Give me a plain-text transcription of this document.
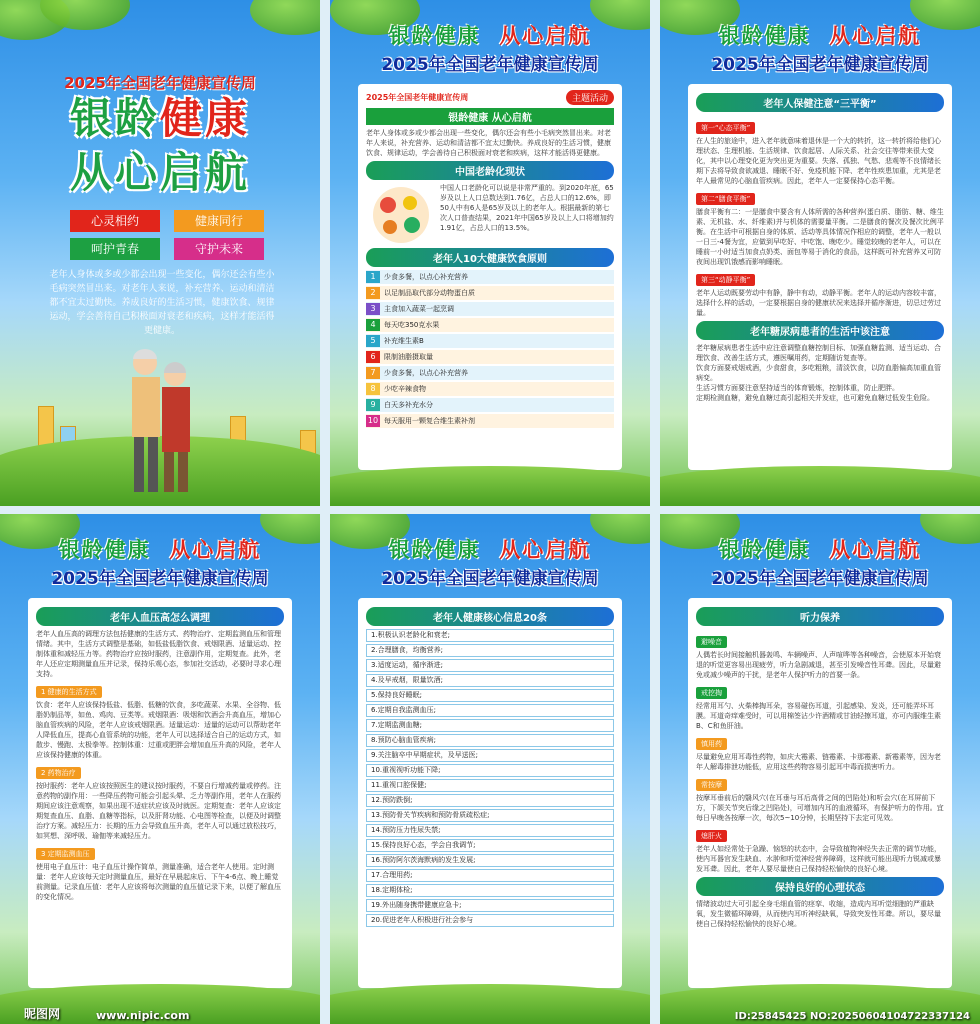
2025年全国老年健康宣传周
银龄健康
从心启航
心灵相约	健康同行
呵护青春	守护未来
老年人身体或多或少都会出现一些变化，偶尔还会有些小毛病突然冒出来。对老年人来说，补充营养、运动和清洁都不宜太过勤快。养成良好的生活习惯，健康饮食、规律运动，学会善待自己积极面对衰老和疾病，这样才能活得更健康。
银龄健康 从心启航
2025年全国老年健康宣传周
2025年全国老年健康宣传周	主题活动
银龄健康 从心启航
老年人身体或多或少都会出现一些变化，偶尔还会有些小毛病突然冒出来。对老年人来说，补充营养、运动和清洁都不宜太过勤快。养成良好的生活习惯，健康饮食、规律运动，学会善待自己积极面对衰老和疾病，这样才能活得更健康。
中国老龄化现状
中国人口老龄化可以说是非常严重的。到2020年底，65岁及以上人口总数达到1.76亿，占总人口的12.6%，即50人中有6人是65岁及以上的老年人。根据最新的第七次人口普查结果，2021年中国65岁及以上人口将增加约1.91亿，占总人口的13.5%。
老年人10大健康饮食原则
1	少食多餐，以点心补充营养
2	以足制品取代部分动物蛋白质
3	主食加入蔬菜一起烹调
4	每天吃350克水果
5	补充维生素B
6	限制油脂摄取量
7	少食多餐，以点心补充营养
8	少吃辛辣食物
9	白天多补充水分
10 每天服用一颗复合维生素补剂
银龄健康 从心启航
2025年全国老年健康宣传周
老年人保健注意“三平衡”
第一“心态平衡”
在人生的旅途中，进入老年就意味着退休是一个大的转折，这一转折将给他们心理状态、生理机能、生活规律、饮食起居、人际关系、社会交往等带来很大变化，其中以心理变化更为突出更为重要。失落、孤独、气愁、悲观等不良情绪长期下去将导致食欲减退、睡眠不好、免疫机能下降、老年性疾患加重，尤其是老年人最常见的心脑血管疾病。因此，老年人一定要保持心态平衡。
第二“膳食平衡”
膳食平衡有二：一是膳食中要含有人体所需的各种营养(蛋白质、脂肪、糖、维生素、无机盐、水、纤维素)并与机体的需要量平衡。二是膳食的餐次及餐次比例平衡。在生活中可根据自身的体质、活动等具体情况作相应的调整，老年人一般以一日三-4餐为宜，应做到早吃好、中吃饱、晚吃少。睡觉较晚的老年人，可以在睡前一小时适当加食点奶类、面包等易于消化的食品，这样既可补充营养又可防夜间出现饥饿感而影响睡眠。
第三“动静平衡”
老年人运动既要劳动中有静，静中有动，动静平衡。老年人的运动内容较丰富，选择什么样的活动，一定要根据自身的健康状况来选择并循序渐进，切忌过劳过量。
老年糖尿病患者的生活中该注意
老年糖尿病患者生活中应注意调整血糖控制目标、加强血糖监测、适当运动、合理饮食、改善生活方式，遵医嘱用药，定期随访复查等。
饮食方面要戒烟戒酒，少食甜食，多吃粗粮，清淡饮食，以防血脂偏高加重血管病变。
生活习惯方面要注意坚持适当的体育锻炼，控制体重，防止肥胖。
定期检测血糖，避免血糖过高引起相关并发症，也可避免血糖过低发生危险。
银龄健康 从心启航
2025年全国老年健康宣传周
老年人血压高怎么调理
老年人血压高的调理方法包括健康的生活方式、药物治疗、定期监测血压和管理情绪。其中，生活方式调整是基础，如低盐低脂饮食、戒烟限酒、适量运动、控制体重和减轻压力等。药物治疗应按时服药，注意副作用，定期复查。此外，老年人还应定期测量血压并记录，保持乐观心态，参加社交活动，必要时寻求心理支持。
1 健康的生活方式
饮食：老年人应该保持低盐、低脂、低糖的饮食，多吃蔬菜、水果、全谷物、低脂奶制品等，如鱼、鸡肉、豆类等。戒烟限酒：吸烟和饮酒会升高血压，增加心脑血管疾病的风险，老年人应该戒烟限酒。适量运动：适量的运动可以帮助老年人降低血压，提高心血管系统的功能，老年人可以选择适合自己的运动方式，如散步、慢跑、太极拳等。控制体重：过重或肥胖会增加血压升高的风险，老年人应该保持健康的体重。
2 药物治疗
按时服药：老年人应该按照医生的建议按时服药，不要自行增减药量或停药。注意药物的副作用：一些降压药物可能会引起头晕、乏力等副作用，老年人在服药期间应该注意观察，如果出现不适症状应该及时就医。定期复查：老年人应该定期复查血压、血脂、血糖等指标，以及肝肾功能、心电图等检查，以便及时调整治疗方案。减轻压力：长期的压力会导致血压升高，老年人可以通过放松技巧，如冥想、深呼吸、瑜伽等来减轻压力。
3 定期监测血压
使用电子血压计：电子血压计操作简单，测量准确，适合老年人使用。定时测量：老年人应该每天定时测量血压，最好在早晨起床后、下午4-6点、晚上睡觉前测量。记录血压值：老年人应该将每次测量的血压值记录下来，以便了解血压的变化情况。
昵图网	www.nipic.com
银龄健康 从心启航
2025年全国老年健康宣传周
老年人健康核心信息20条
1.积极认识老龄化和衰老;
2.合理膳食，均衡营养;
3.适度运动，循序渐进;
4.及早戒烟，限量饮酒;
5.保持良好睡眠;
6.定期自我监测血压;
7.定期监测血糖;
8.预防心脑血管疾病;
9.关注脑卒中早期症状，及早送医;
10.重视视听功能下降;
11.重视口腔保健;
12.预防跌倒;
13.预防骨关节疾病和预防骨质疏松症;
14.预防压力性尿失禁;
15.保持良好心态，学会自我调节;
16.预防阿尔茨海默病的发生发展;
17.合理用药;
18.定期体检;
19.外出随身携带健康应急卡;
20.促进老年人积极进行社会参与
银龄健康 从心启航
2025年全国老年健康宣传周
听力保养
避噪音
人偶若长时间接触机器轰鸣、车辆噪声、人声喧哗等各种噪音，会使原本开始衰退的听觉更容易出现疲劳，听力急剧减退，甚至引发噪音性耳聋。因此，尽量避免或减少噪声的干扰，是老年人保护听力的首要一条。
戒挖掏
经常用耳勺、火柴棒掏耳朵，容易碰伤耳道，引起感染、发炎，还可能弄坏耳膜。耳道奇痒难受时，可以用棉签沾少许酒精或甘油轻擦耳道，亦可内服维生素B、C和鱼肝油。
慎用药
尽量避免应用耳毒性药物，如庆大霉素、链霉素、卡那霉素、新霉素等，因为老年人解毒排泄功能低，应用这些药物容易引起耳中毒而损害听力。
常按摩
按摩耳垂前后的翳风穴(在耳垂与耳后高骨之间的凹陷处)和听会穴(在耳屏前下方，下颌关节突后缘之凹陷处)，可增加内耳的血液循环，有保护听力的作用。宜每日早晚各按摩一次，每次5~10分钟，长期坚持下去定可见效。
熄肝火
老年人如经常处于急躁、恼怒的状态中，会导致植物神经失去正常的调节功能，使内耳器官发生缺血、水肿和听觉神经营养障碍，这样就可能出现听力锐减或暴发耳聋。因此，老年人要尽量使自己保持轻松愉快的良好心境。
保持良好的心理状态
情绪波动过大可引起全身毛细血管的痉挛、收缩，造成内耳听觉细胞的严重缺氧，发生微循环障碍，从而使内耳听神经缺氧，导致突发性耳聋。所以，要尽量使自己保持轻松愉快的良好心境。
ID:25845425 NO:20250604104722337124
